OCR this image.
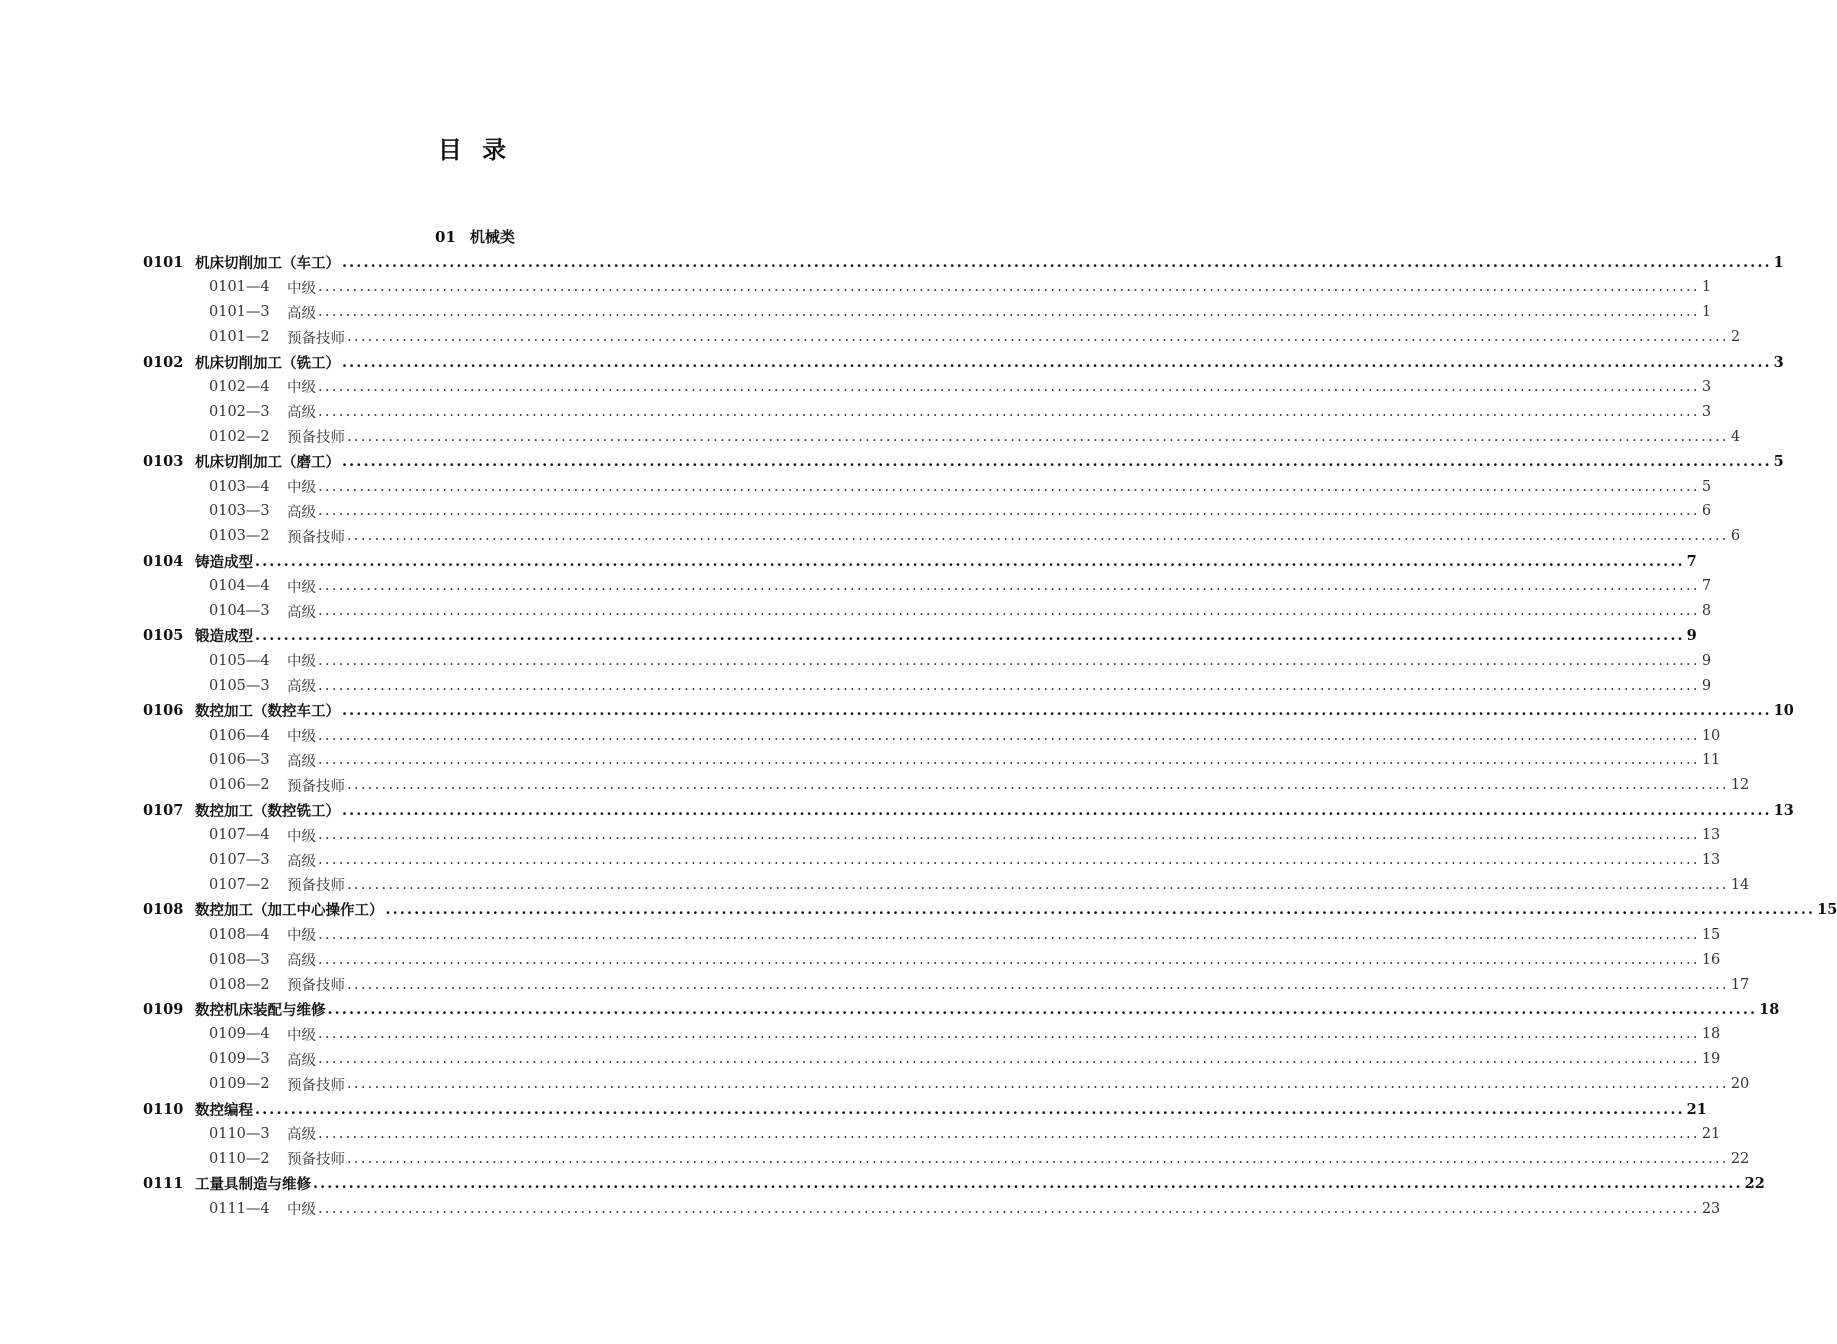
目 录
01 机械类
0101 机床切削加工（车工） ........................................................................................................................................................................................................ 1
0101—4	中级 ........................................................................................................................................................................................................ 1
0101—3	高级 ........................................................................................................................................................................................................ 1
0101—2	预备技师 ........................................................................................................................................................................................................ 2
0102 机床切削加工（铣工） ........................................................................................................................................................................................................ 3
0102—4	中级 ........................................................................................................................................................................................................ 3
0102—3	高级 ........................................................................................................................................................................................................ 3
0102—2	预备技师 ........................................................................................................................................................................................................ 4
0103 机床切削加工（磨工） ........................................................................................................................................................................................................ 5
0103—4	中级 ........................................................................................................................................................................................................ 5
0103—3	高级 ........................................................................................................................................................................................................ 6
0103—2	预备技师 ........................................................................................................................................................................................................ 6
0104 铸造成型 ........................................................................................................................................................................................................ 7
0104—4	中级 ........................................................................................................................................................................................................ 7
0104—3	高级 ........................................................................................................................................................................................................ 8
0105 锻造成型 ........................................................................................................................................................................................................ 9
0105—4	中级 ........................................................................................................................................................................................................ 9
0105—3	高级 ........................................................................................................................................................................................................ 9
0106 数控加工（数控车工） ........................................................................................................................................................................................................ 10
0106—4	中级 ........................................................................................................................................................................................................ 10
0106—3	高级 ........................................................................................................................................................................................................ 11
0106—2	预备技师 ........................................................................................................................................................................................................ 12
0107 数控加工（数控铣工） ........................................................................................................................................................................................................ 13
0107—4	中级 ........................................................................................................................................................................................................ 13
0107—3	高级 ........................................................................................................................................................................................................ 13
0107—2	预备技师 ........................................................................................................................................................................................................ 14
0108 数控加工（加工中心操作工） ........................................................................................................................................................................................................ 15
0108—4	中级 ........................................................................................................................................................................................................ 15
0108—3	高级 ........................................................................................................................................................................................................ 16
0108—2	预备技师 ........................................................................................................................................................................................................ 17
0109 数控机床装配与维修 ........................................................................................................................................................................................................ 18
0109—4	中级 ........................................................................................................................................................................................................ 18
0109—3	高级 ........................................................................................................................................................................................................ 19
0109—2	预备技师 ........................................................................................................................................................................................................ 20
0110 数控编程 ........................................................................................................................................................................................................ 21
0110—3	高级 ........................................................................................................................................................................................................ 21
0110—2	预备技师 ........................................................................................................................................................................................................ 22
0111 工量具制造与维修 ........................................................................................................................................................................................................ 22
0111—4	中级 ........................................................................................................................................................................................................ 23
